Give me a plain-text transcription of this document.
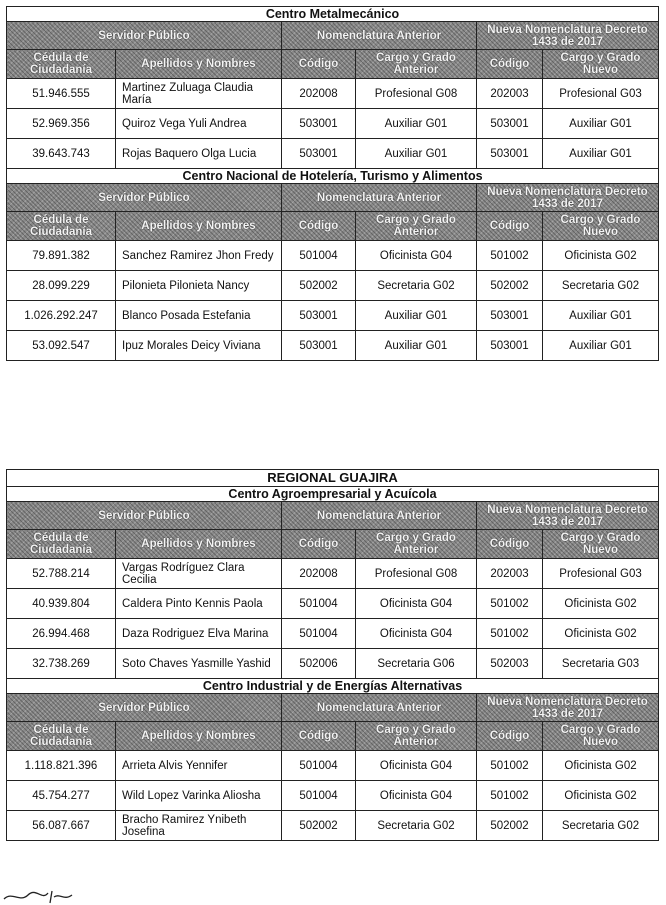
Centro Metalmecánico					
Servidor Público		Nomenclatura Anterior		Nueva Nomenclatura Decreto 1433 de 2017	
Cédula de Ciudadanía	Apellidos y Nombres	Código	Cargo y Grado Anterior	Código	Cargo y Grado Nuevo
51.946.555	Martinez Zuluaga Claudia María	202008	Profesional G08	202003	Profesional G03
52.969.356	Quiroz Vega Yuli Andrea	503001	Auxiliar G01	503001	Auxiliar G01
39.643.743	Rojas Baquero Olga Lucia	503001	Auxiliar G01	503001	Auxiliar G01
Centro Nacional de Hotelería, Turismo y Alimentos					
Servidor Público		Nomenclatura Anterior		Nueva Nomenclatura Decreto 1433 de 2017	
Cédula de Ciudadanía	Apellidos y Nombres	Código	Cargo y Grado Anterior	Código	Cargo y Grado Nuevo
79.891.382	Sanchez Ramirez Jhon Fredy	501004	Oficinista G04	501002	Oficinista G02
28.099.229	Pilonieta Pilonieta Nancy	502002	Secretaria G02	502002	Secretaria G02
1.026.292.247	Blanco Posada Estefania	503001	Auxiliar G01	503001	Auxiliar G01
53.092.547	Ipuz Morales Deicy Viviana	503001	Auxiliar G01	503001	Auxiliar G01
REGIONAL GUAJIRA					
Centro Agroempresarial y Acuícola					
Servidor Público		Nomenclatura Anterior		Nueva Nomenclatura Decreto 1433 de 2017	
Cédula de Ciudadanía	Apellidos y Nombres	Código	Cargo y Grado Anterior	Código	Cargo y Grado Nuevo
52.788.214	Vargas Rodríguez Clara Cecilia	202008	Profesional G08	202003	Profesional G03
40.939.804	Caldera Pinto Kennis Paola	501004	Oficinista G04	501002	Oficinista G02
26.994.468	Daza Rodriguez Elva Marina	501004	Oficinista G04	501002	Oficinista G02
32.738.269	Soto Chaves Yasmille Yashid	502006	Secretaria G06	502003	Secretaria G03
Centro Industrial y de Energías Alternativas					
Servidor Público		Nomenclatura Anterior		Nueva Nomenclatura Decreto 1433 de 2017	
Cédula de Ciudadanía	Apellidos y Nombres	Código	Cargo y Grado Anterior	Código	Cargo y Grado Nuevo
1.118.821.396	Arrieta Alvis Yennifer	501004	Oficinista G04	501002	Oficinista G02
45.754.277	Wild Lopez Varinka Aliosha	501004	Oficinista G04	501002	Oficinista G02
56.087.667	Bracho Ramirez Ynibeth Josefina	502002	Secretaria G02	502002	Secretaria G02
